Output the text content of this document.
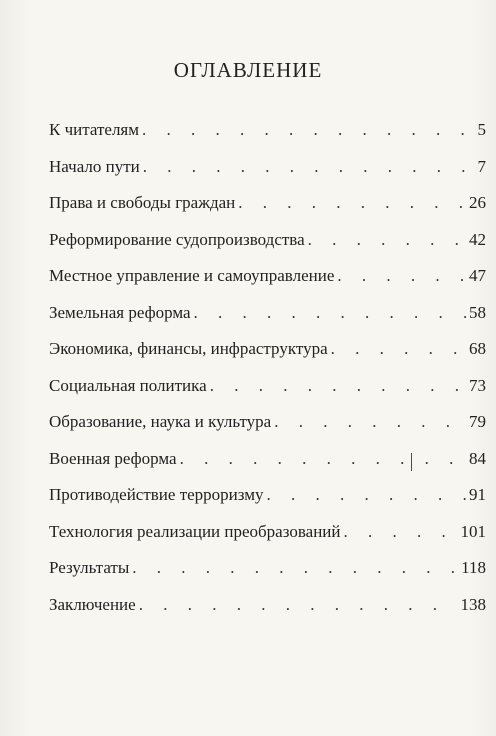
ОГЛАВЛЕНИЕ
К читателям . . .	5
Начало пути . . .	7
Права и свободы граждан . . .	26
Реформирование судопроизводства . . .	42
Местное управление и самоуправление . . .	47
Земельная реформа . . .	58
Экономика, финансы, инфраструктура . . .	68
Социальная политика . . .	73
Образование, наука и культура . . .	79
Военная реформа . . .	84
Противодействие терроризму . . .	91
Технология реализации преобразований . . .	101
Результаты . . .	118
Заключение . . .	138
